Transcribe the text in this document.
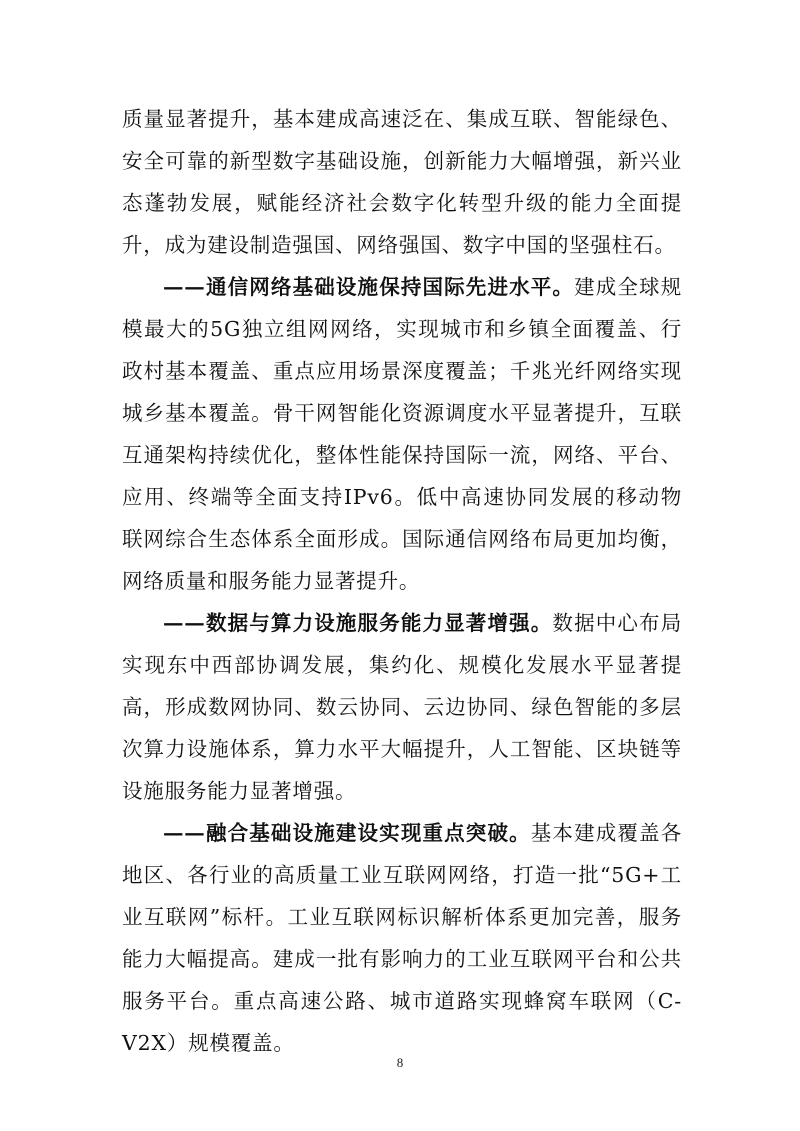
质量显著提升，基本建成高速泛在、集成互联、智能绿色、安全可靠的新型数字基础设施，创新能力大幅增强，新兴业态蓬勃发展，赋能经济社会数字化转型升级的能力全面提升，成为建设制造强国、网络强国、数字中国的坚强柱石。

——通信网络基础设施保持国际先进水平。建成全球规模最大的5G独立组网网络，实现城市和乡镇全面覆盖、行政村基本覆盖、重点应用场景深度覆盖；千兆光纤网络实现城乡基本覆盖。骨干网智能化资源调度水平显著提升，互联互通架构持续优化，整体性能保持国际一流，网络、平台、应用、终端等全面支持IPv6。低中高速协同发展的移动物联网综合生态体系全面形成。国际通信网络布局更加均衡，网络质量和服务能力显著提升。

——数据与算力设施服务能力显著增强。数据中心布局实现东中西部协调发展，集约化、规模化发展水平显著提高，形成数网协同、数云协同、云边协同、绿色智能的多层次算力设施体系，算力水平大幅提升，人工智能、区块链等设施服务能力显著增强。

——融合基础设施建设实现重点突破。基本建成覆盖各地区、各行业的高质量工业互联网网络，打造一批“5G+工业互联网”标杆。工业互联网标识解析体系更加完善，服务能力大幅提高。建成一批有影响力的工业互联网平台和公共服务平台。重点高速公路、城市道路实现蜂窝车联网（C-V2X）规模覆盖。

8
